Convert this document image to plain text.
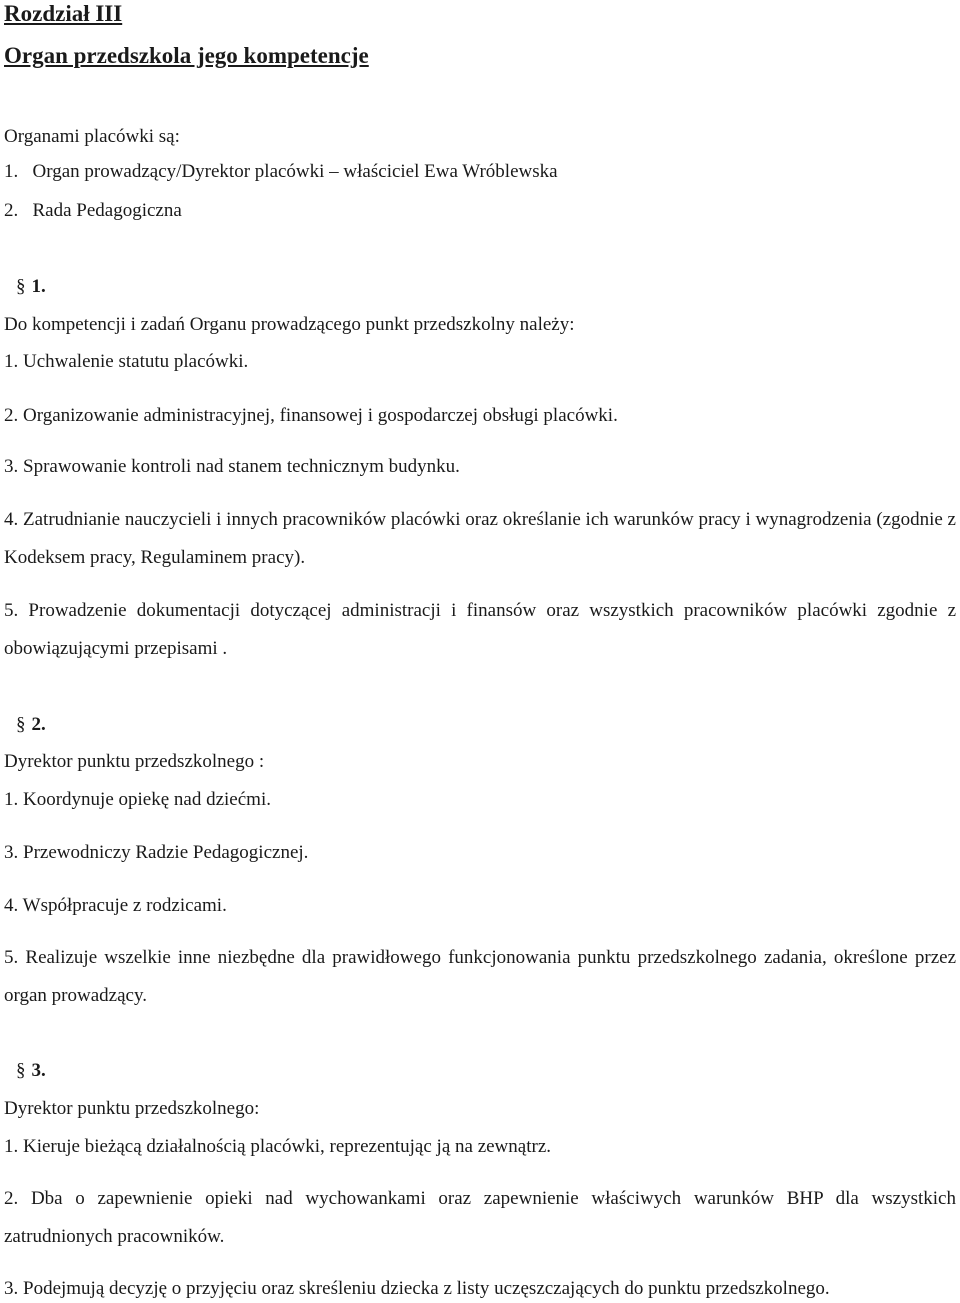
Rozdział III
Organ przedszkola jego kompetencje
Organami placówki są:
1. Organ prowadzący/Dyrektor placówki – właściciel Ewa Wróblewska
2. Rada Pedagogiczna
§ 1.
Do kompetencji i zadań Organu prowadzącego punkt przedszkolny należy:
1. Uchwalenie statutu placówki.
2. Organizowanie administracyjnej, finansowej i gospodarczej obsługi placówki.
3. Sprawowanie kontroli nad stanem technicznym budynku.
4. Zatrudnianie nauczycieli i innych pracowników placówki oraz określanie ich warunków pracy i wynagrodzenia (zgodnie z Kodeksem pracy, Regulaminem pracy).
5. Prowadzenie dokumentacji dotyczącej administracji i finansów oraz wszystkich pracowników placówki zgodnie z obowiązującymi przepisami .
§ 2.
Dyrektor punktu przedszkolnego :
1. Koordynuje opiekę nad dziećmi.
3. Przewodniczy Radzie Pedagogicznej.
4. Współpracuje z rodzicami.
5. Realizuje wszelkie inne niezbędne dla prawidłowego funkcjonowania punktu przedszkolnego zadania, określone przez organ prowadzący.
§ 3.
Dyrektor punktu przedszkolnego:
1. Kieruje bieżącą działalnością placówki, reprezentując ją na zewnątrz.
2. Dba o zapewnienie opieki nad wychowankami oraz zapewnienie właściwych warunków BHP dla wszystkich zatrudnionych pracowników.
3. Podejmują decyzję o przyjęciu oraz skreśleniu dziecka z listy uczęszczających do punktu przedszkolnego.
